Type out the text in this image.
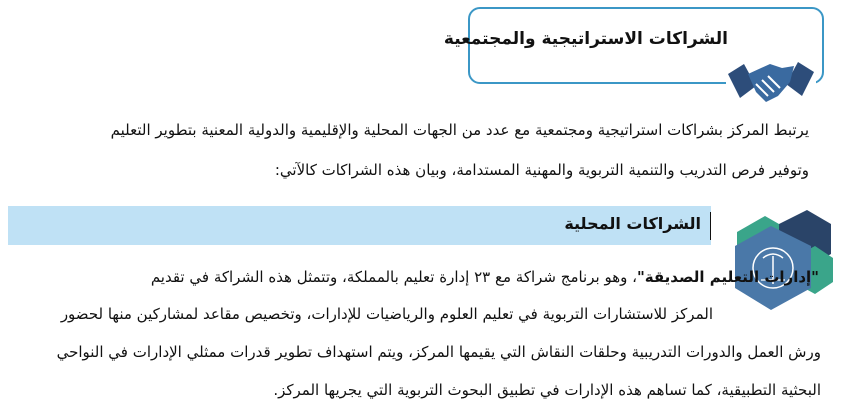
الشراكات الاستراتيجية والمجتمعية
يرتبط المركز بشراكات استراتيجية ومجتمعية مع عدد من الجهات المحلية والإقليمية والدولية المعنية بتطوير التعليم
وتوفير فرص التدريب والتنمية التربوية والمهنية المستدامة، وبيان هذه الشراكات كالآتي:
الشراكات المحلية
"إدارات التعليم الصديقة"، وهو برنامج شراكة مع ٢٣ إدارة تعليم بالمملكة، وتتمثل هذه الشراكة في تقديم
المركز للاستشارات التربوية في تعليم العلوم والرياضيات للإدارات، وتخصيص مقاعد لمشاركين منها لحضور
ورش العمل والدورات التدريبية وحلقات النقاش التي يقيمها المركز، ويتم استهداف تطوير قدرات ممثلي الإدارات في النواحي
البحثية التطبيقية، كما تساهم هذه الإدارات في تطبيق البحوث التربوية التي يجريها المركز.
